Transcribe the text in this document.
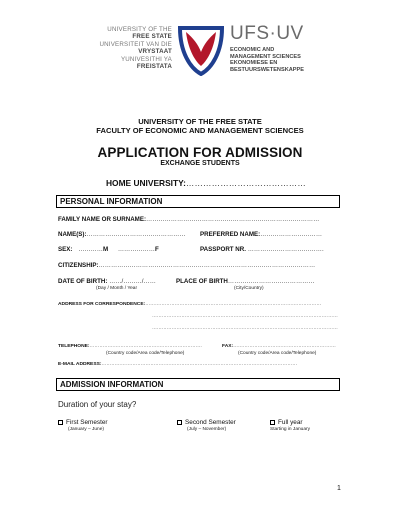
UNIVERSITY OF THE
FREE STATE
UNIVERSITEIT VAN DIE
VRYSTAAT
YUNIVESITHI YA
FREISTATA
UFS·UV
ECONOMIC AND
MANAGEMENT SCIENCES
EKONOMIESE EN
BESTUURSWETENSKAPPE
UNIVERSITY OF THE FREE STATE
FACULTY OF ECONOMIC AND MANAGEMENT SCIENCES
APPLICATION FOR ADMISSION
EXCHANGE STUDENTS
HOME UNIVERSITY:……………………………………
PERSONAL INFORMATION
FAMILY NAME OR SURNAME:…………………………………………………………………………
NAME(S):………………………………………… PREFERRED NAME:…………………………
SEX: …………M ………………F	PASSPORT NR. ……………………………….
CITIZENSHIP:……………………………………………………………………………………………
DATE OF BIRTH: ……/………/……
(Day / Month / Year
PLACE OF BIRTH……………………………………
(City/Country)
ADDRESS FOR CORRESPONDENCE:………………………………………………………………………………………………
……………………………………………………………………………………………………
……………………………………………………………………………………………………
TELEPHONE:……………………………………………………………
(Country code/Area code/Telephone)
FAX:………………………………………………………
(Country code/Area code/Telephone)
E-MAIL ADDRESS:…………………………………………………………………………………………………………
ADMISSION INFORMATION
Duration of your stay?
First Semester
(January – June)
Second Semester
(July – November)
Full year
Starting in January
1
